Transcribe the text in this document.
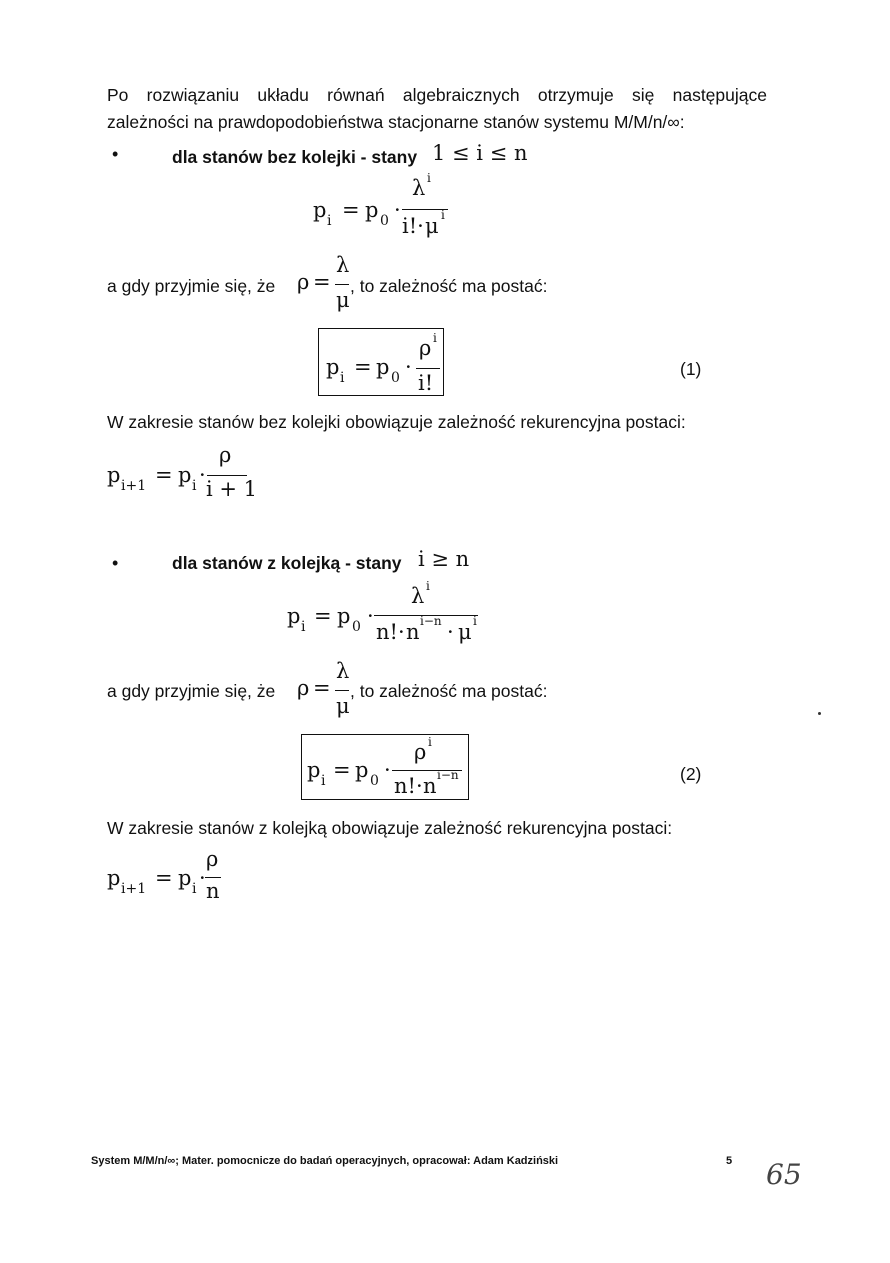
Po rozwiązaniu układu równań algebraicznych otrzymuje się następujące
zależności na prawdopodobieństwa stacjonarne stanów systemu M/M/n/∞:
•	dla stanów bez kolejki - stany 1 ≤ i ≤ n
p i = p 0 ·
λ i
i!· μ i
a gdy przyjmie się, że ρ =
λ
μ
, to zależność ma postać:
p i = p 0 ·
ρ i
i!
(1)
W zakresie stanów bez kolejki obowiązuje zależność rekurencyjna postaci:
p i+1 = p i ·
ρ
i + 1
•	dla stanów z kolejką - stany i ≥ n
p i = p 0 ·
λ i
n!· n i−n · μ i
a gdy przyjmie się, że ρ =
λ
μ
, to zależność ma postać:
p i = p 0 ·
ρ i
n!· n i−n	(2)
W zakresie stanów z kolejką obowiązuje zależność rekurencyjna postaci:
p i+1 = p i ·
ρ
n
System M/M/n/∞; Mater. pomocnicze do badań operacyjnych, opracował: Adam Kadziński	5 65
